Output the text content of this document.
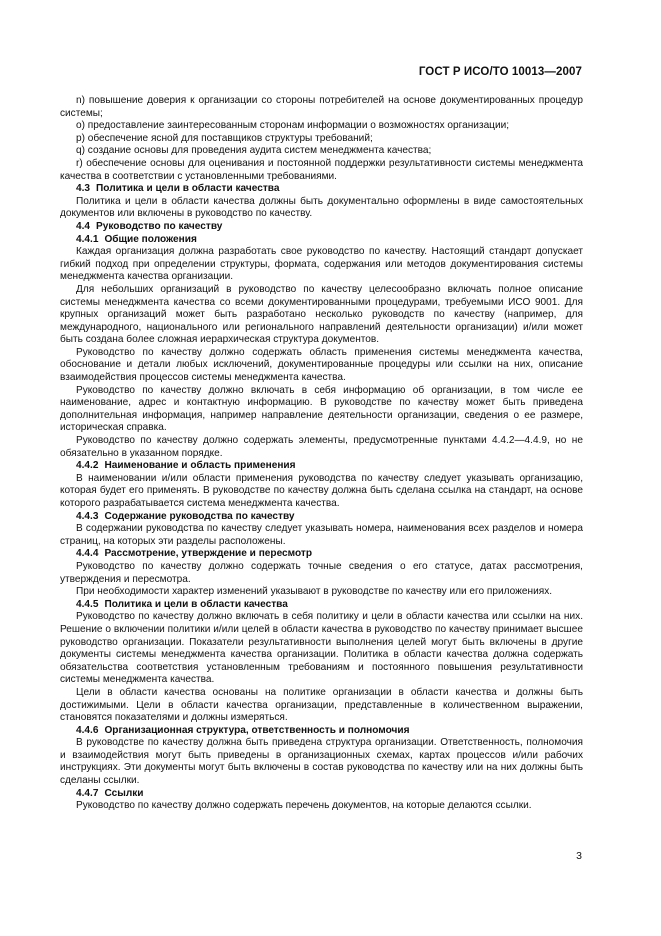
ГОСТ Р ИСО/ТО 10013—2007

n) повышение доверия к организации со стороны потребителей на основе документированных процедур системы;

о) предоставление заинтересованным сторонам информации о возможностях организации;

р) обеспечение ясной для поставщиков структуры требований;

q) создание основы для проведения аудита систем менеджмента качества;

r) обеспечение основы для оценивания и постоянной поддержки результативности системы менеджмента качества в соответствии с установленными требованиями.

4.3 Политика и цели в области качества

Политика и цели в области качества должны быть документально оформлены в виде самостоятельных документов или включены в руководство по качеству.

4.4 Руководство по качеству

4.4.1 Общие положения

Каждая организация должна разработать свое руководство по качеству. Настоящий стандарт допускает гибкий подход при определении структуры, формата, содержания или методов документирования системы менеджмента качества организации.

Для небольших организаций в руководство по качеству целесообразно включать полное описание системы менеджмента качества со всеми документированными процедурами, требуемыми ИСО 9001. Для крупных организаций может быть разработано несколько руководств по качеству (например, для международного, национального или регионального направлений деятельности организации) и/или может быть создана более сложная иерархическая структура документов.

Руководство по качеству должно содержать область применения системы менеджмента качества, обоснование и детали любых исключений, документированные процедуры или ссылки на них, описание взаимодействия процессов системы менеджмента качества.

Руководство по качеству должно включать в себя информацию об организации, в том числе ее наименование, адрес и контактную информацию. В руководстве по качеству может быть приведена дополнительная информация, например направление деятельности организации, сведения о ее размере, историческая справка.

Руководство по качеству должно содержать элементы, предусмотренные пунктами 4.4.2—4.4.9, но не обязательно в указанном порядке.

4.4.2 Наименование и область применения

В наименовании и/или области применения руководства по качеству следует указывать организацию, которая будет его применять. В руководстве по качеству должна быть сделана ссылка на стандарт, на основе которого разрабатывается система менеджмента качества.

4.4.3 Содержание руководства по качеству

В содержании руководства по качеству следует указывать номера, наименования всех разделов и номера страниц, на которых эти разделы расположены.

4.4.4 Рассмотрение, утверждение и пересмотр

Руководство по качеству должно содержать точные сведения о его статусе, датах рассмотрения, утверждения и пересмотра.

При необходимости характер изменений указывают в руководстве по качеству или его приложениях.

4.4.5 Политика и цели в области качества

Руководство по качеству должно включать в себя политику и цели в области качества или ссылки на них. Решение о включении политики и/или целей в области качества в руководство по качеству принимает высшее руководство организации. Показатели результативности выполнения целей могут быть включены в другие документы системы менеджмента качества организации. Политика в области качества должна содержать обязательства соответствия установленным требованиям и постоянного повышения результативности системы менеджмента качества.

Цели в области качества основаны на политике организации в области качества и должны быть достижимыми. Цели в области качества организации, представленные в количественном выражении, становятся показателями и должны измеряться.

4.4.6 Организационная структура, ответственность и полномочия

В руководстве по качеству должна быть приведена структура организации. Ответственность, полномочия и взаимодействия могут быть приведены в организационных схемах, картах процессов и/или рабочих инструкциях. Эти документы могут быть включены в состав руководства по качеству или на них должны быть сделаны ссылки.

4.4.7 Ссылки

Руководство по качеству должно содержать перечень документов, на которые делаются ссылки.

3
